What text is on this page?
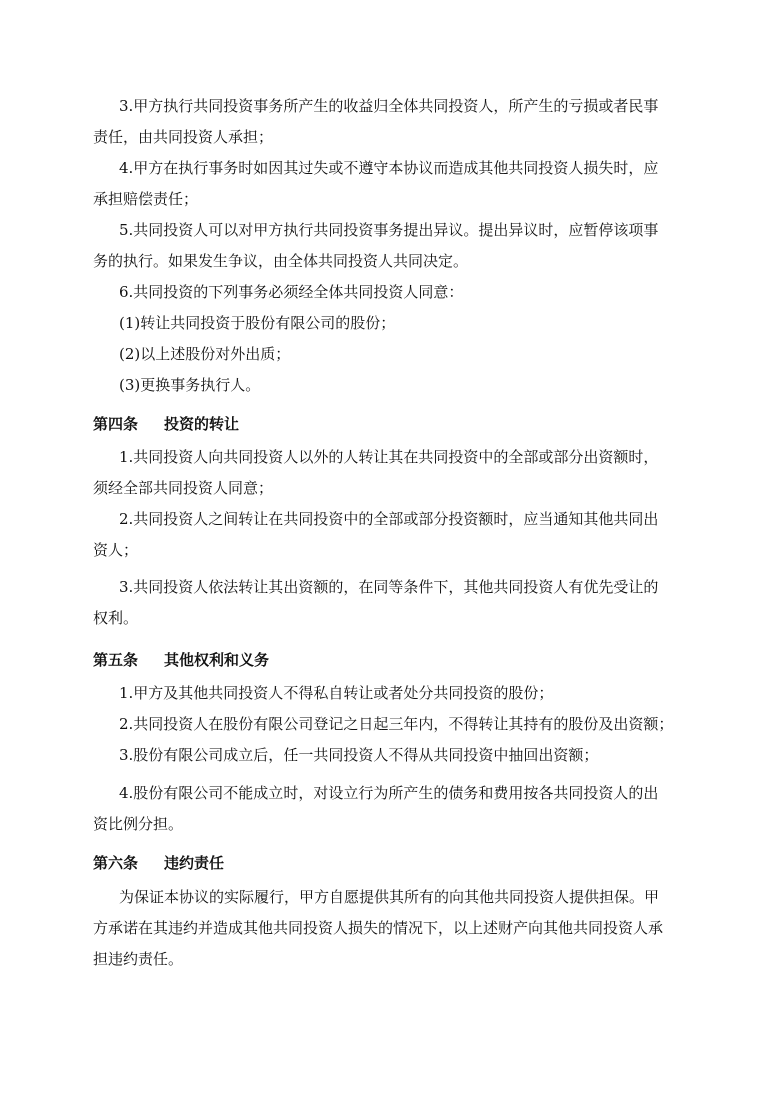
3.甲方执行共同投资事务所产生的收益归全体共同投资人，所产生的亏损或者民事
责任，由共同投资人承担；
4.甲方在执行事务时如因其过失或不遵守本协议而造成其他共同投资人损失时，应
承担赔偿责任；
5.共同投资人可以对甲方执行共同投资事务提出异议。提出异议时，应暂停该项事
务的执行。如果发生争议，由全体共同投资人共同决定。
6.共同投资的下列事务必须经全体共同投资人同意：
(1)转让共同投资于股份有限公司的股份；
(2)以上述股份对外出质；
(3)更换事务执行人。
第四条 投资的转让
1.共同投资人向共同投资人以外的人转让其在共同投资中的全部或部分出资额时，
须经全部共同投资人同意；
2.共同投资人之间转让在共同投资中的全部或部分投资额时，应当通知其他共同出
资人；
3.共同投资人依法转让其出资额的，在同等条件下，其他共同投资人有优先受让的
权利。
第五条 其他权利和义务
1.甲方及其他共同投资人不得私自转让或者处分共同投资的股份；
2.共同投资人在股份有限公司登记之日起三年内，不得转让其持有的股份及出资额；
3.股份有限公司成立后，任一共同投资人不得从共同投资中抽回出资额；
4.股份有限公司不能成立时，对设立行为所产生的债务和费用按各共同投资人的出
资比例分担。
第六条 违约责任
为保证本协议的实际履行，甲方自愿提供其所有的向其他共同投资人提供担保。甲
方承诺在其违约并造成其他共同投资人损失的情况下，以上述财产向其他共同投资人承
担违约责任。
